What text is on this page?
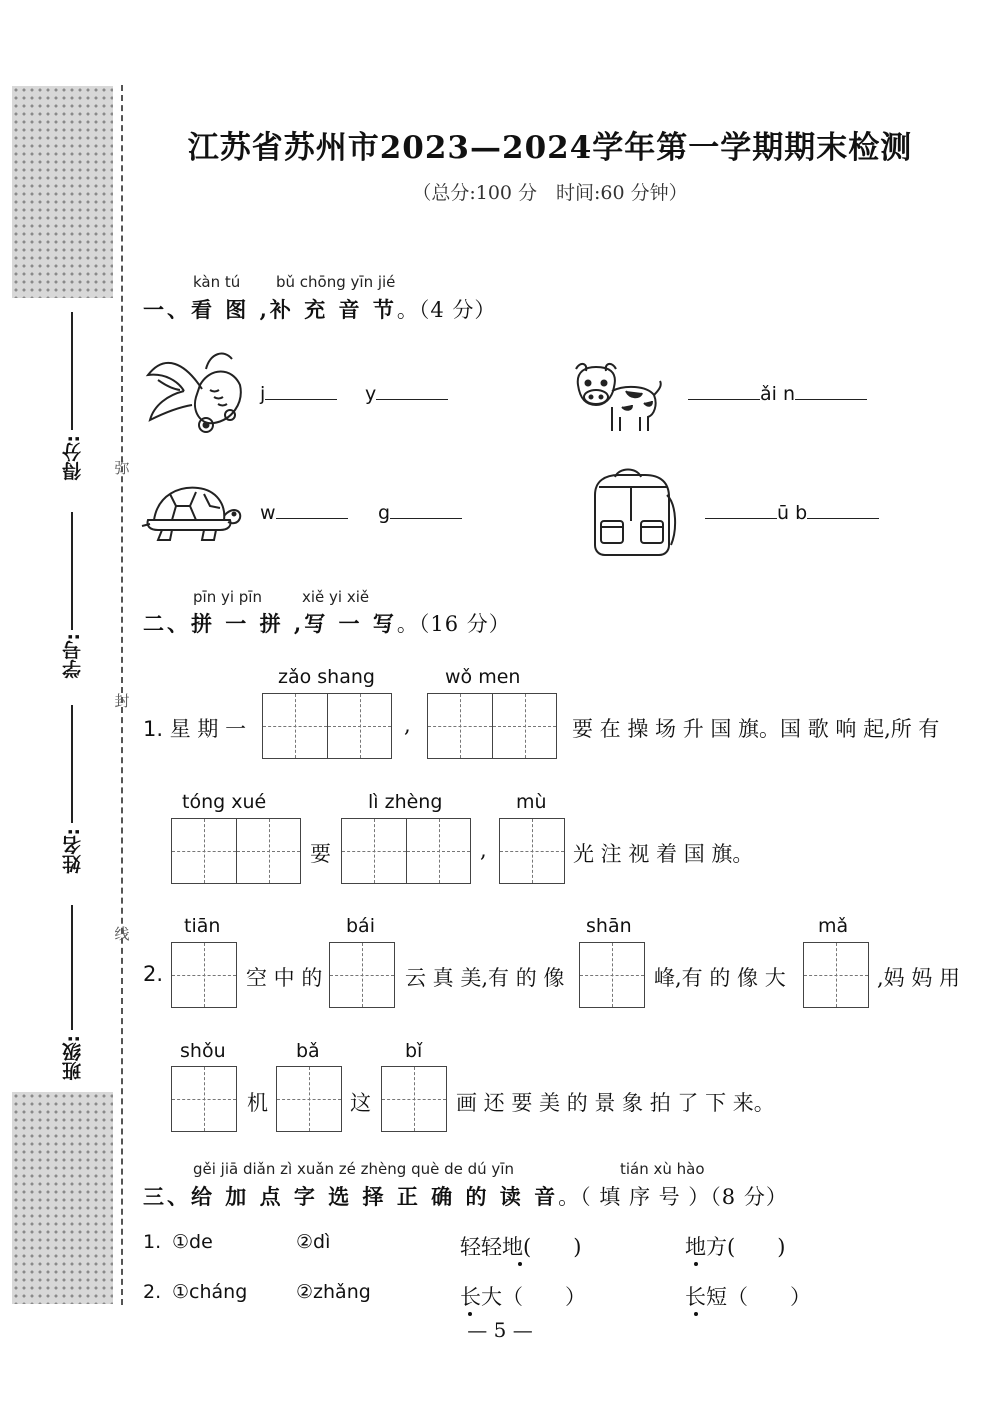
得分:
学号:
姓名:
班级:
弥
封
线
江苏省苏州市2023—2024学年第一学期期末检测
（总分:100 分　时间:60 分钟）
kàn tú bǔ chōng yīn jié
一、看 图 ,补 充 音 节。（4 分）
j	y	ǎi n
w	g	ū b
pīn yi pīn	xiě yi xiě
二、拼 一 拼 ,写 一 写。（16 分）
zǎo shang	wǒ men
1. 星 期 一	,	要 在 操 场 升 国 旗。国 歌 响 起,所 有
tóng xué	lì zhèng	mù
要	,	光 注 视 着 国 旗。
tiān	bái	shān	mǎ
2.	空 中 的	云 真 美,有 的 像	峰,有 的 像 大	,妈 妈 用
shǒu	bǎ	bǐ
机	这	画 还 要 美 的 景 象 拍 了 下 来。
gěi jiā diǎn zì xuǎn zé zhèng què de dú yīn	tián xù hào
三、给 加 点 字 选 择 正 确 的 读 音。（ 填 序 号 ）（8 分）
1. ①de	②dì	轻轻地(　　)	地方(　　)
2. ①cháng	②zhǎng	长大（　　）	长短（　　）
— 5 —
